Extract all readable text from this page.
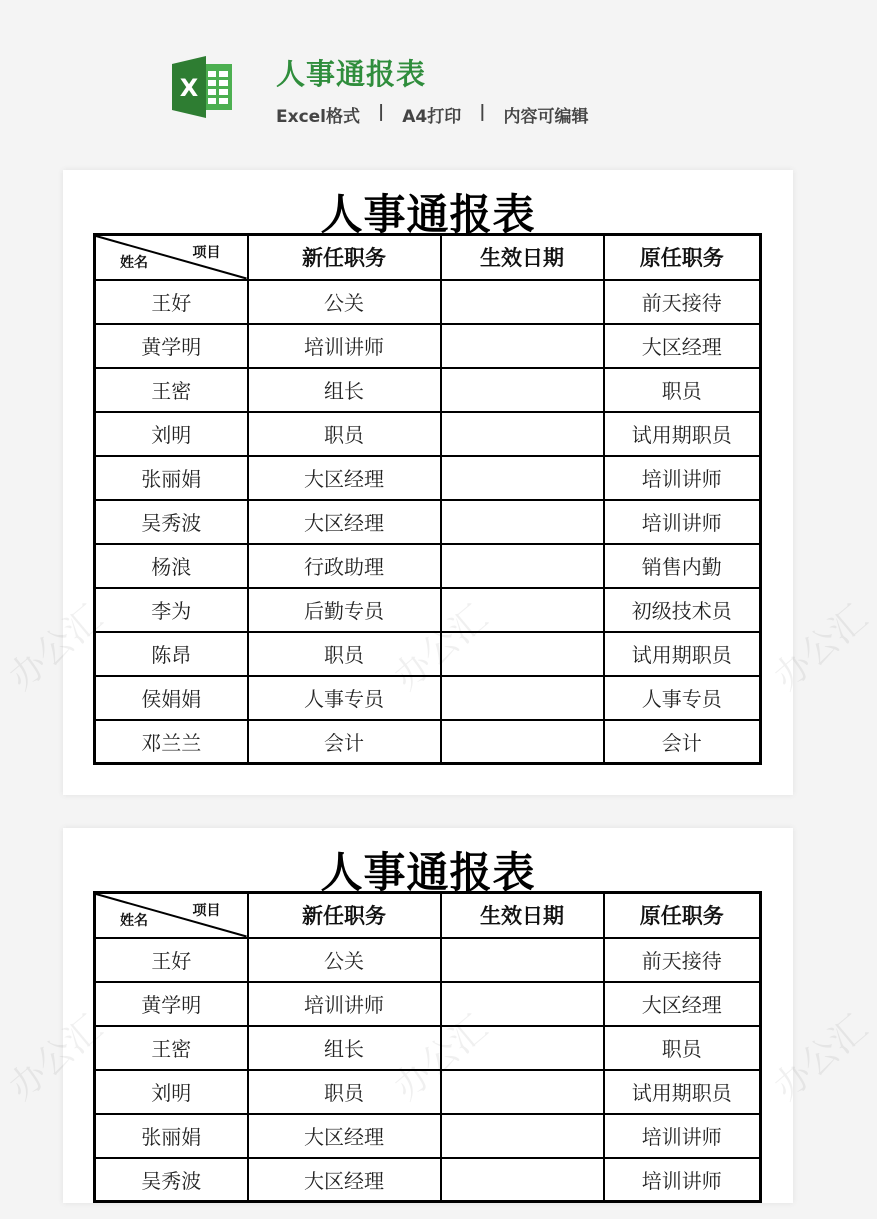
X	人事通报表
Excel格式 | A4打印 | 内容可编辑
人事通报表
项目
姓名	新任职务	生效日期	原任职务
王好	公关		前天接待
黄学明	培训讲师		大区经理
王密	组长		职员
刘明	职员		试用期职员
张丽娟	大区经理		培训讲师
吴秀波	大区经理		培训讲师
杨浪	行政助理		销售内勤
李为	后勤专员		初级技术员
陈昂	职员		试用期职员
侯娟娟	人事专员		人事专员
邓兰兰	会计		会计
人事通报表
项目
姓名	新任职务	生效日期	原任职务
王好	公关		前天接待
黄学明	培训讲师		大区经理
王密	组长		职员
刘明	职员		试用期职员
张丽娟	大区经理		培训讲师
吴秀波	大区经理		培训讲师
办公汇	办公汇	办公汇
办公汇	办公汇	办公汇
